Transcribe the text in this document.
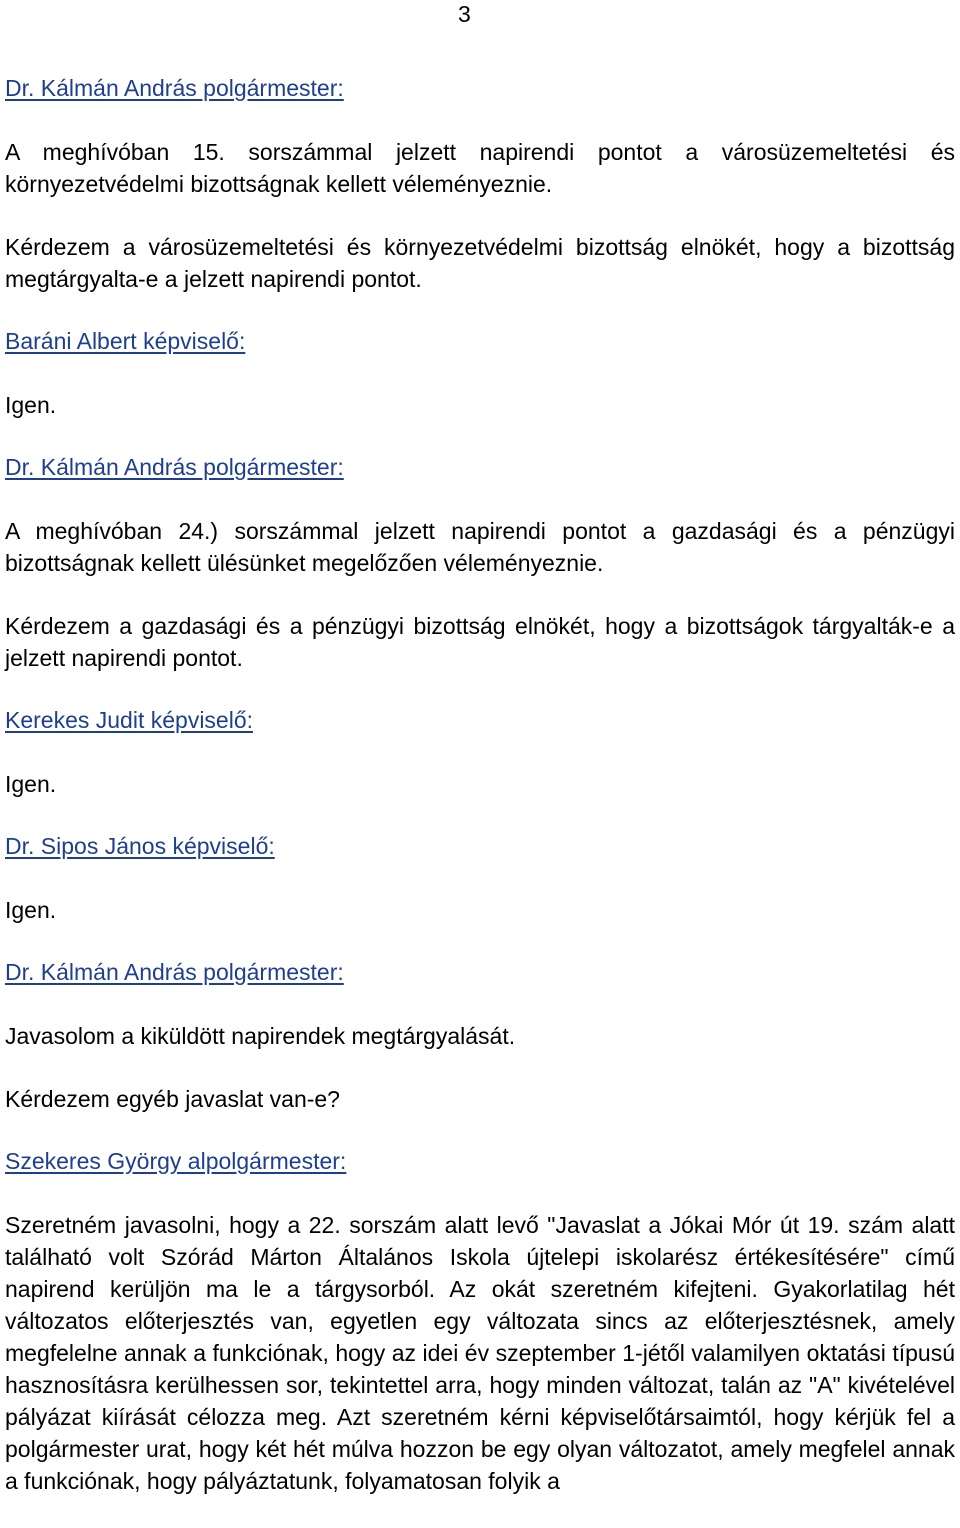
3
Dr. Kálmán András polgármester:
A meghívóban 15. sorszámmal jelzett napirendi pontot a városüzemeltetési és környezetvédelmi bizottságnak kellett véleményeznie.
Kérdezem a városüzemeltetési és környezetvédelmi bizottság elnökét, hogy a bizottság megtárgyalta-e a jelzett napirendi pontot.
Baráni Albert képviselő:
Igen.
Dr. Kálmán András polgármester:
A meghívóban 24.) sorszámmal jelzett napirendi pontot a gazdasági és a pénzügyi bizottságnak kellett ülésünket megelőzően véleményeznie.
Kérdezem a gazdasági és a pénzügyi bizottság elnökét, hogy a bizottságok tárgyalták-e a jelzett napirendi pontot.
Kerekes Judit képviselő:
Igen.
Dr. Sipos János képviselő:
Igen.
Dr. Kálmán András polgármester:
Javasolom a kiküldött napirendek megtárgyalását.
Kérdezem egyéb javaslat van-e?
Szekeres György alpolgármester:
Szeretném javasolni, hogy a 22. sorszám alatt levő "Javaslat a Jókai Mór út 19. szám alatt található volt Szórád Márton Általános Iskola újtelepi iskolarész értékesítésére" című napirend kerüljön ma le a tárgysorból. Az okát szeretném kifejteni. Gyakorlatilag hét változatos előterjesztés van, egyetlen egy változata sincs az előterjesztésnek, amely megfelelne annak a funkciónak, hogy az idei év szeptember 1-jétől valamilyen oktatási típusú hasznosításra kerülhessen sor, tekintettel arra, hogy minden változat, talán az "A" kivételével pályázat kiírását célozza meg. Azt szeretném kérni képviselőtársaimtól, hogy kérjük fel a polgármester urat, hogy két hét múlva hozzon be egy olyan változatot, amely megfelel annak a funkciónak, hogy pályáztatunk, folyamatosan folyik a
